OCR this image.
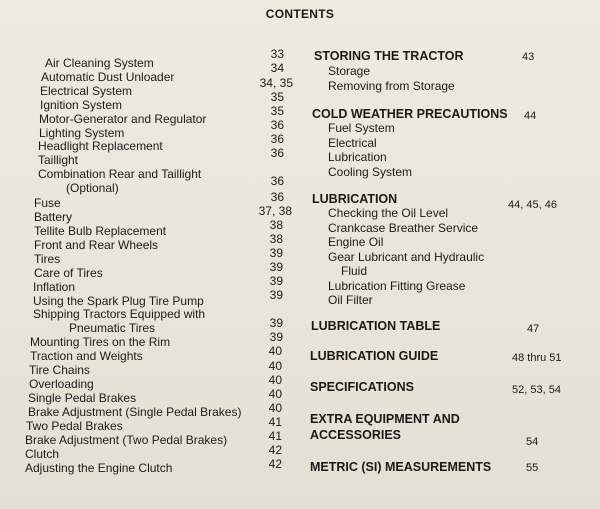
CONTENTS
Air Cleaning System
33
Automatic Dust Unloader
34
Electrical System
34, 35
Ignition System
35
Motor-Generator and Regulator
35
Lighting System
36
Headlight Replacement	36
Taillight	36
Combination Rear and Taillight
(Optional)	36
Fuse	36
Battery	37, 38
Tellite Bulb Replacement	38
Front and Rear Wheels	38
Tires	39
Care of Tires	39
Inflation	39
Using the Spark Plug Tire Pump	39
Shipping Tractors Equipped with
Pneumatic Tires	39
Mounting Tires on the Rim	39
Traction and Weights	40
Tire Chains	40
Overloading	40
Single Pedal Brakes	40
Brake Adjustment (Single Pedal Brakes)	40
Two Pedal Brakes	41
Brake Adjustment (Two Pedal Brakes)	41
Clutch	42
Adjusting the Engine Clutch	42
STORING THE TRACTOR	43
Storage
Removing from Storage
COLD WEATHER PRECAUTIONS 44
Fuel System
Electrical
Lubrication
Cooling System
LUBRICATION	44, 45, 46
Checking the Oil Level
Crankcase Breather Service
Engine Oil
Gear Lubricant and Hydraulic
Fluid
Lubrication Fitting Grease
Oil Filter
LUBRICATION TABLE	47
LUBRICATION GUIDE	48 thru 51
SPECIFICATIONS	52, 53, 54
EXTRA EQUIPMENT AND
ACCESSORIES	54
METRIC (SI) MEASUREMENTS	55
